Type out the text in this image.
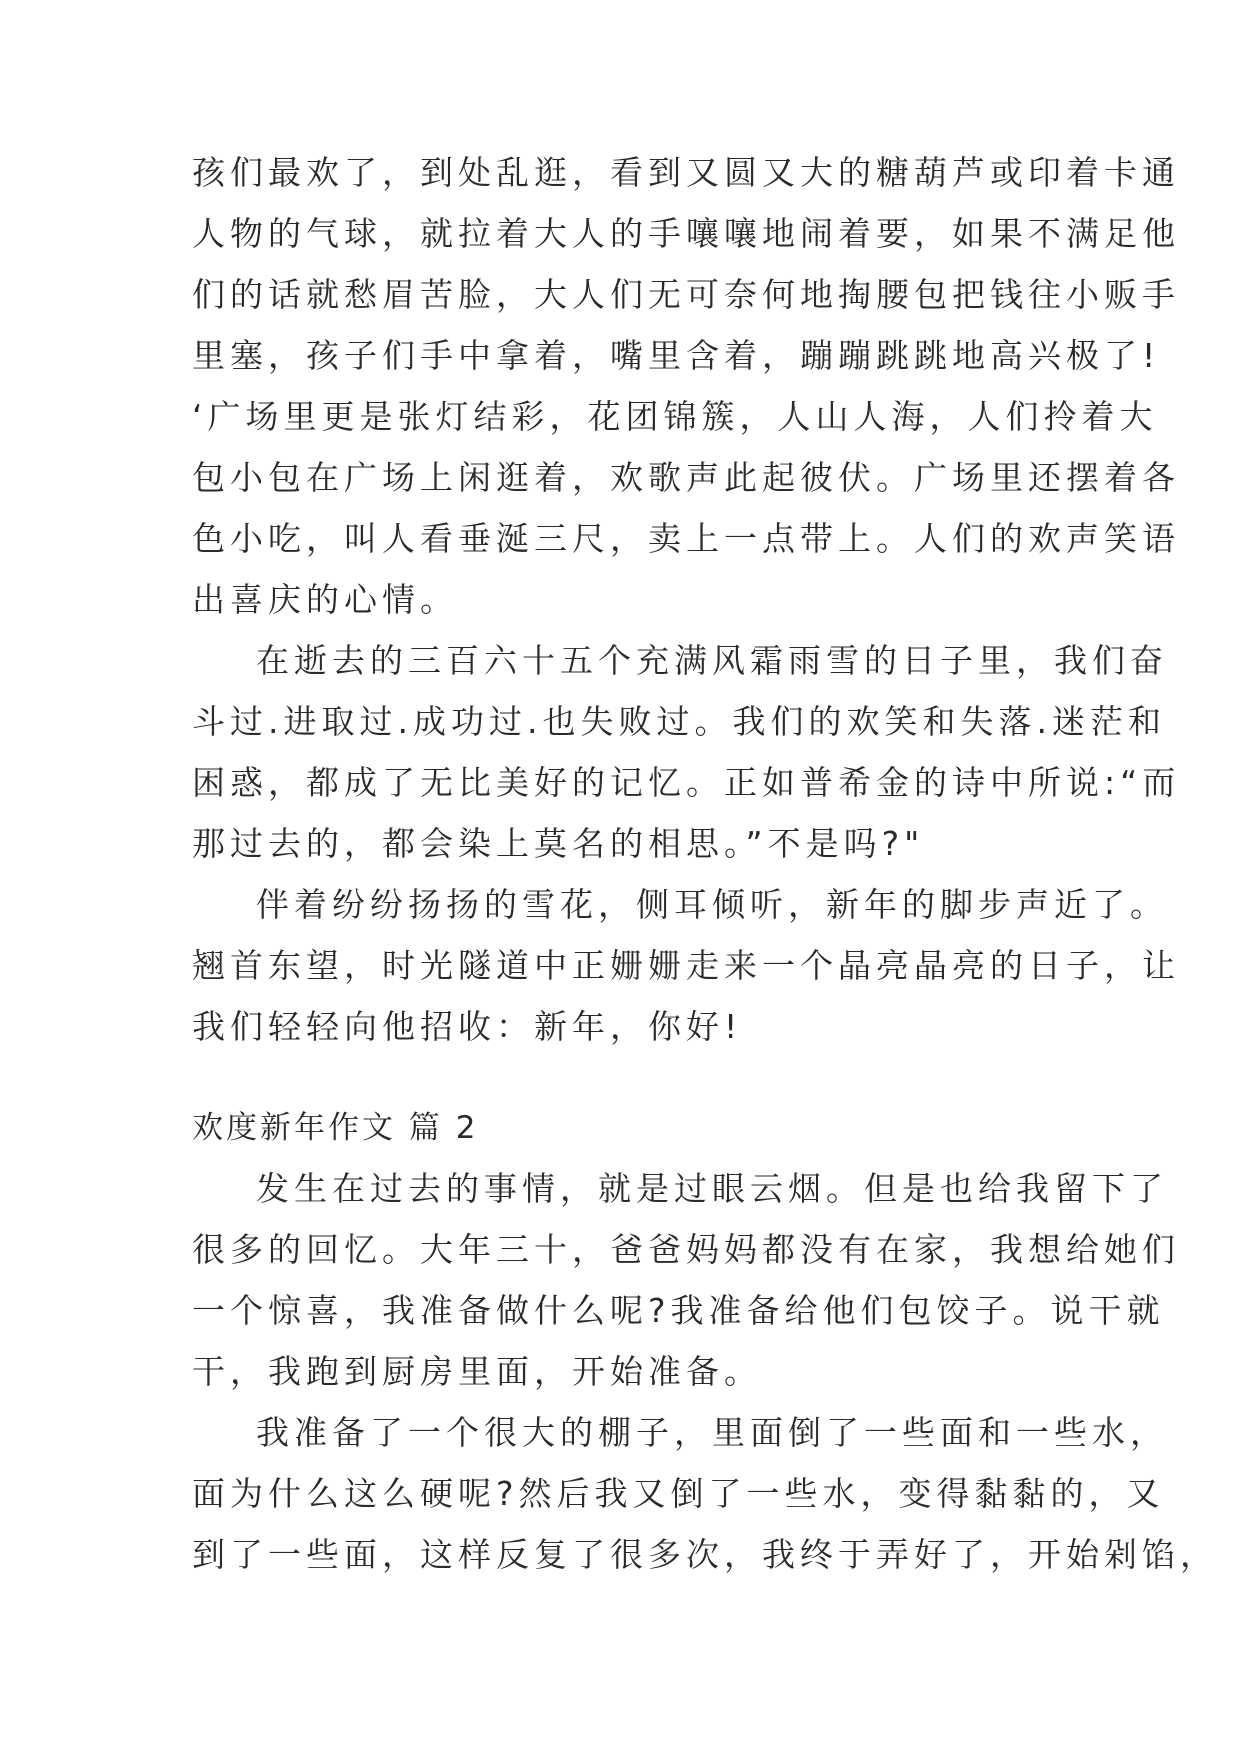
孩们最欢了，到处乱逛，看到又圆又大的糖葫芦或印着卡通
人物的气球，就拉着大人的手嚷嚷地闹着要，如果不满足他
们的话就愁眉苦脸，大人们无可奈何地掏腰包把钱往小贩手
里塞，孩子们手中拿着，嘴里含着，蹦蹦跳跳地高兴极了!
‘广场里更是张灯结彩，花团锦簇，人山人海，人们拎着大
包小包在广场上闲逛着，欢歌声此起彼伏。广场里还摆着各
色小吃，叫人看垂涎三尺，卖上一点带上。人们的欢声笑语
出喜庆的心情。
在逝去的三百六十五个充满风霜雨雪的日子里，我们奋
斗过.进取过.成功过.也失败过。我们的欢笑和失落.迷茫和
困惑，都成了无比美好的记忆。正如普希金的诗中所说:“而
那过去的，都会染上莫名的相思。”不是吗?"
伴着纷纷扬扬的雪花，侧耳倾听，新年的脚步声近了。
翘首东望，时光隧道中正姗姗走来一个晶亮晶亮的日子，让
我们轻轻向他招收：新年，你好!
欢度新年作文 篇 2
发生在过去的事情，就是过眼云烟。但是也给我留下了
很多的回忆。大年三十，爸爸妈妈都没有在家，我想给她们
一个惊喜，我准备做什么呢?我准备给他们包饺子。说干就
干，我跑到厨房里面，开始准备。
我准备了一个很大的棚子，里面倒了一些面和一些水，
面为什么这么硬呢?然后我又倒了一些水，变得黏黏的，又
到了一些面，这样反复了很多次，我终于弄好了，开始剁馅，
